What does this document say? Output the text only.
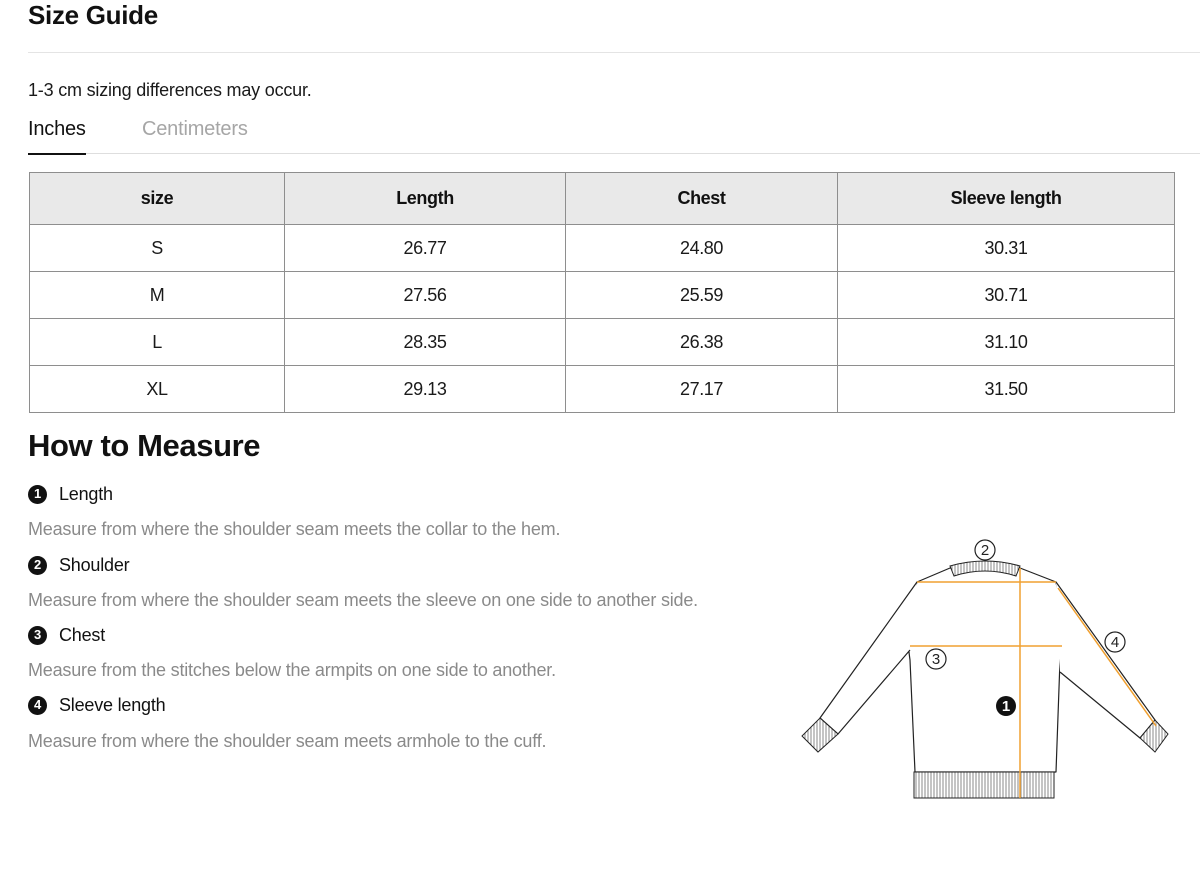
Size Guide
1-3 cm sizing differences may occur.
Inches	Centimeters
size	Length	Chest	Sleeve length
S	26.77	24.80	30.31
M	27.56	25.59	30.71
L	28.35	26.38	31.10
XL	29.13	27.17	31.50
How to Measure
1 Length
Measure from where the shoulder seam meets the collar to the hem.
2 Shoulder
Measure from where the shoulder seam meets the sleeve on one side to another side.
3 Chest
Measure from the stitches below the armpits on one side to another.
4 Sleeve length
Measure from where the shoulder seam meets armhole to the cuff.
2
3
4
1
